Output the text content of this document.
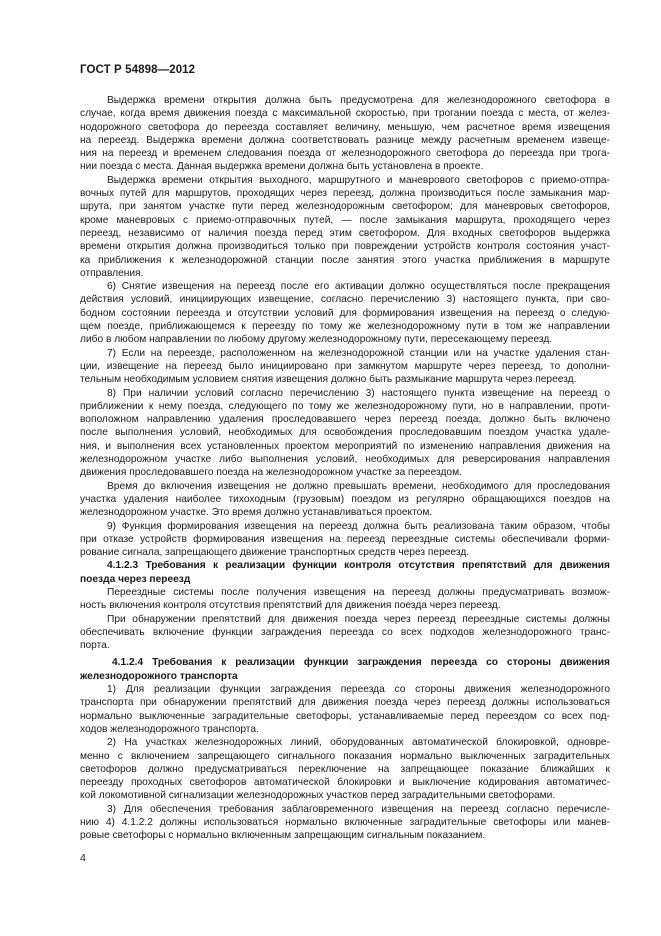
ГОСТ Р 54898—2012
Выдержка времени открытия должна быть предусмотрена для железнодорожного светофора в
случае, когда время движения поезда с максимальной скоростью, при трогании поезда с места, от желез-
нодорожного светофора до переезда составляет величину, меньшую, чем расчетное время извещения
на переезд. Выдержка времени должна соответствовать разнице между расчетным временем извеще-
ния на переезд и временем следования поезда от железнодорожного светофора до переезда при трога-
нии поезда с места. Данная выдержка времени должна быть установлена в проекте.
Выдержка времени открытия выходного, маршрутного и маневрового светофоров с приемо-отпра-
вочных путей для маршрутов, проходящих через переезд, должна производиться после замыкания мар-
шрута, при занятом участке пути перед железнодорожным светофором; для маневровых светофоров,
кроме маневровых с приемо-отправочных путей, — после замыкания маршрута, проходящего через
переезд, независимо от наличия поезда перед этим светофором. Для входных светофоров выдержка
времени открытия должна производиться только при повреждении устройств контроля состояния участ-
ка приближения к железнодорожной станции после занятия этого участка приближения в маршруте
отправления.
6) Снятие извещения на переезд после его активации должно осуществляться после прекращения
действия условий, инициирующих извещение, согласно перечислению 3) настоящего пункта, при сво-
бодном состоянии переезда и отсутствии условий для формирования извещения на переезд о следую-
щем поезде, приближающемся к переезду по тому же железнодорожному пути в том же направлении
либо в любом направлении по любому другому железнодорожному пути, пересекающему переезд.
7) Если на переезде, расположенном на железнодорожной станции или на участке удаления стан-
ции, извещение на переезд было инициировано при замкнутом маршруте через переезд, то дополни-
тельным необходимым условием снятия извещения должно быть размыкание маршрута через переезд.
8) При наличии условий согласно перечислению 3) настоящего пункта извещение на переезд о
приближении к нему поезда, следующего по тому же железнодорожному пути, но в направлении, проти-
воположном направлению удаления проследовавшего через переезд поезда, должно быть включено
после выполнения условий, необходимых для освобождения проследовавшим поездом участка удале-
ния, и выполнения всех установленных проектом мероприятий по изменению направления движения на
железнодорожном участке либо выполнения условий, необходимых для реверсирования направления
движения проследовавшего поезда на железнодорожном участке за переездом.
Время до включения извещения не должно превышать времени, необходимого для проследования
участка удаления наиболее тихоходным (грузовым) поездом из регулярно обращающихся поездов на
железнодорожном участке. Это время должно устанавливаться проектом.
9) Функция формирования извещения на переезд должна быть реализована таким образом, чтобы
при отказе устройств формирования извещения на переезд переездные системы обеспечивали форми-
рование сигнала, запрещающего движение транспортных средств через переезд.
4.1.2.3 Требования к реализации функции контроля отсутствия препятствий для движения
поезда через переезд
Переездные системы после получения извещения на переезд должны предусматривать возмож-
ность включения контроля отсутствия препятствий для движения поезда через переезд.
При обнаружении препятствий для движения поезда через переезд переездные системы должны
обеспечивать включение функции заграждения переезда со всех подходов железнодорожного транс-
порта.
4.1.2.4 Требования к реализации функции заграждения переезда со стороны движения
железнодорожного транспорта
1) Для реализации функции заграждения переезда со стороны движения железнодорожного
транспорта при обнаружении препятствий для движения поезда через переезд должны использоваться
нормально выключенные заградительные светофоры, устанавливаемые перед переездом со всех под-
ходов железнодорожного транспорта.
2) На участках железнодорожных линий, оборудованных автоматической блокировкой, одновре-
менно с включением запрещающего сигнального показания нормально выключенных заградительных
светофоров должно предусматриваться переключение на запрещающее показание ближайших к
переезду проходных светофоров автоматической блокировки и выключение кодирования автоматичес-
кой локомотивной сигнализации железнодорожных участков перед заградительными светофорами.
3) Для обеспечения требования заблаговременного извещения на переезд согласно перечисле-
нию 4) 4.1.2.2 должны использоваться нормально включенные заградительные светофоры или манев-
ровые светофоры с нормально включенным запрещающим сигнальным показанием.
4
